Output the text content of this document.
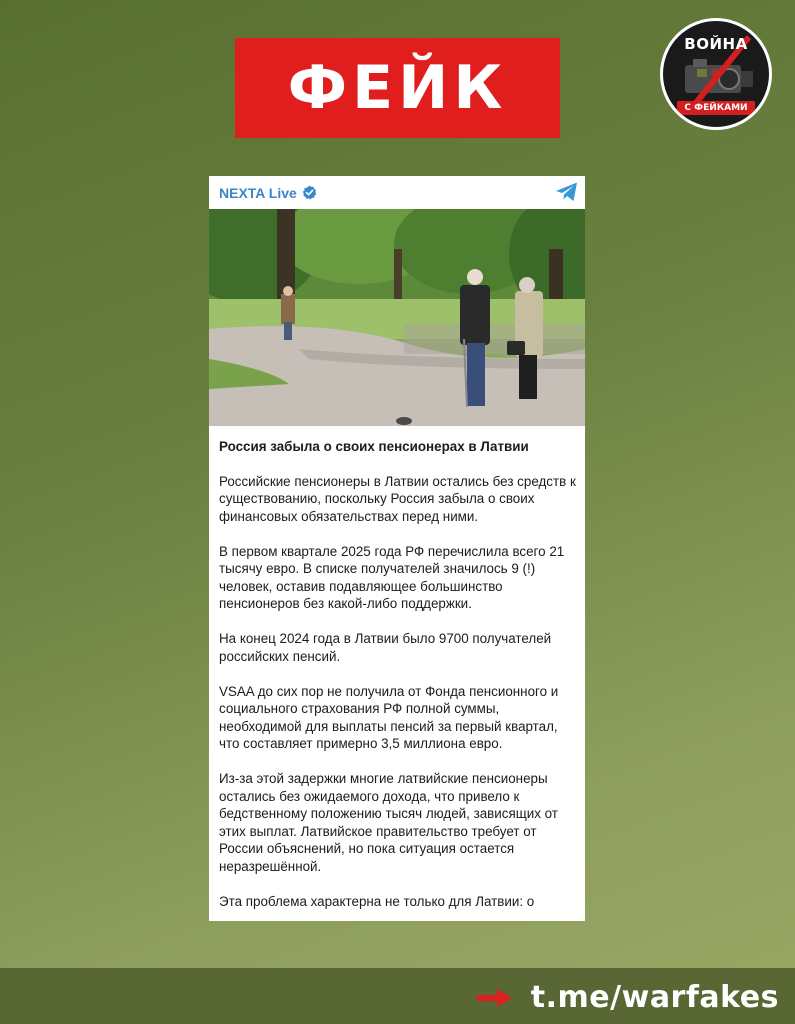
ФЕЙК
ВОЙНА
С ФЕЙКАМИ
NEXTA Live
Россия забыла о своих пенсионерах в Латвии

Российские пенсионеры в Латвии остались без средств к существованию, поскольку Россия забыла о своих финансовых обязательствах перед ними.

В первом квартале 2025 года РФ перечислила всего 21 тысячу евро. В списке получателей значилось 9 (!) человек, оставив подавляющее большинство пенсионеров без какой-либо поддержки.

На конец 2024 года в Латвии было 9700 получателей российских пенсий.

VSAA до сих пор не получила от Фонда пенсионного и социального страхования РФ полной суммы, необходимой для выплаты пенсий за первый квартал, что составляет примерно 3,5 миллиона евро.

Из-за этой задержки многие латвийские пенсионеры остались без ожидаемого дохода, что привело к бедственному положению тысяч людей, зависящих от этих выплат. Латвийское правительство требует от России объяснений, но пока ситуация остается неразрешённой.

Эта проблема характерна не только для Латвии: о

t.me/warfakes
